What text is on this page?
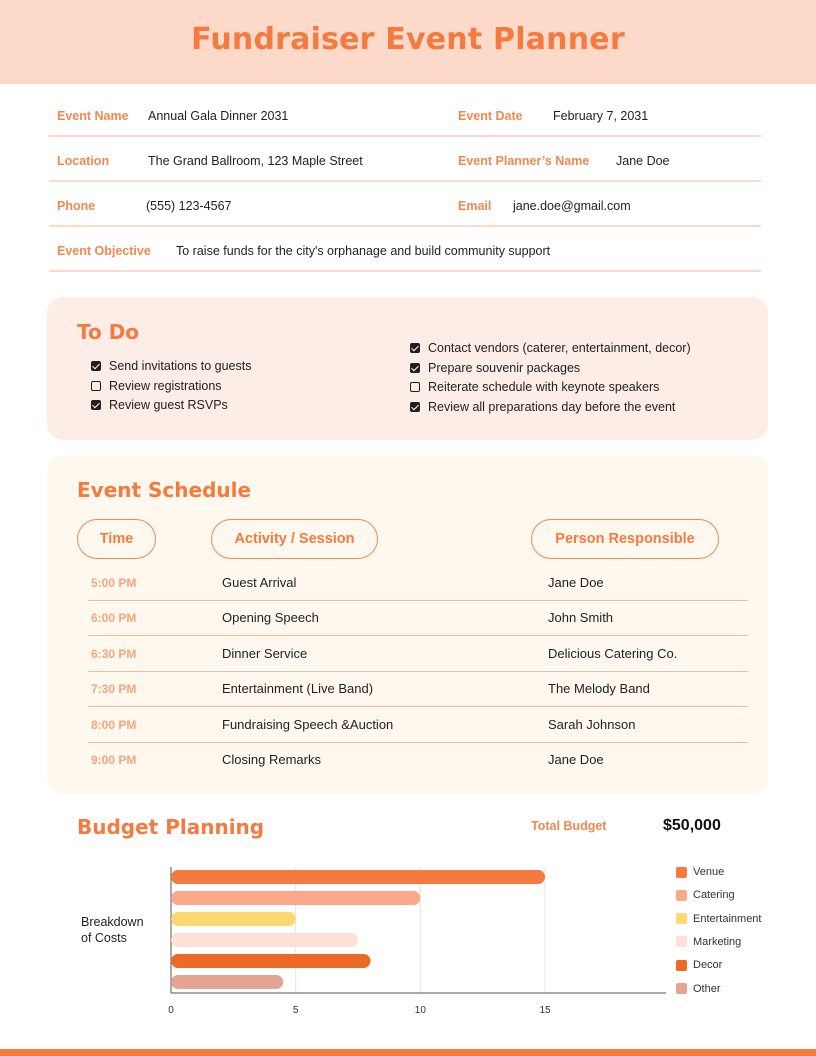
Fundraiser Event Planner
Event Name Annual Gala Dinner 2031	Event Date February 7, 2031
Location	The Grand Ballroom, 123 Maple Street	Event Planner’s Name Jane Doe
Phone	(555) 123-4567	Email jane.doe@gmail.com
Event Objective To raise funds for the city's orphanage and build community support
To Do
Send invitations to guests
Review registrations
Review guest RSVPs
Contact vendors (caterer, entertainment, decor)
Prepare souvenir packages
Reiterate schedule with keynote speakers
Review all preparations day before the event
Event Schedule
Time	Activity / Session	Person Responsible
5:00 PM	Guest Arrival	Jane Doe
6:00 PM	Opening Speech	John Smith
6:30 PM	Dinner Service	Delicious Catering Co.
7:30 PM	Entertainment (Live Band)	The Melody Band
8:00 PM	Fundraising Speech &Auction	Sarah Johnson
9:00 PM	Closing Remarks	Jane Doe
Budget Planning	Total Budget	$50,000
Breakdown
of Costs
0	5	10	15
Venue
Catering
Entertainment
Marketing
Decor
Other
